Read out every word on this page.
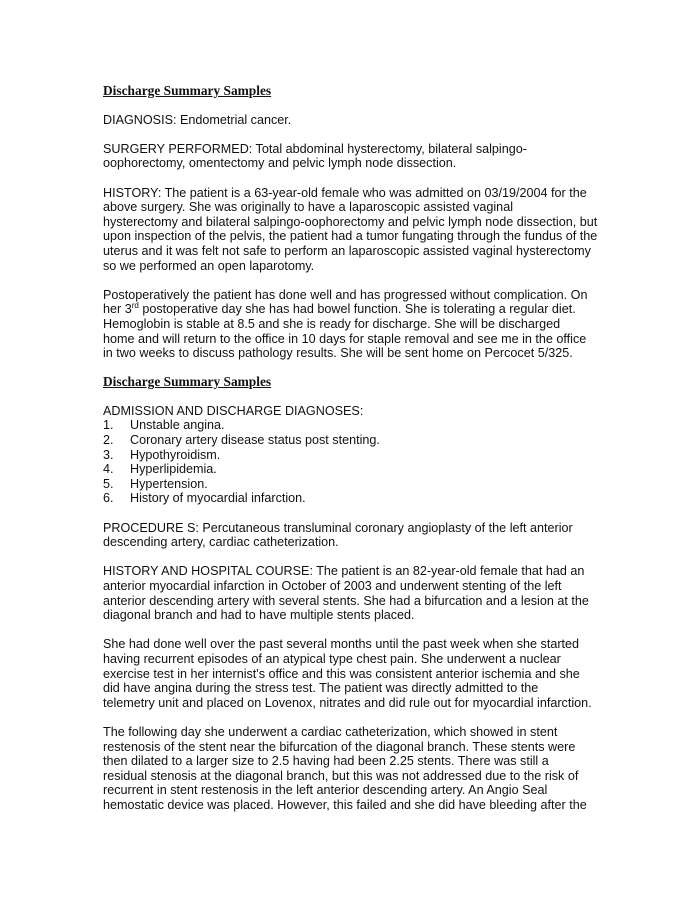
Discharge Summary Samples

DIAGNOSIS: Endometrial cancer.

SURGERY PERFORMED: Total abdominal hysterectomy, bilateral salpingo-
oophorectomy, omentectomy and pelvic lymph node dissection.

HISTORY: The patient is a 63-year-old female who was admitted on 03/19/2004 for the
above surgery. She was originally to have a laparoscopic assisted vaginal
hysterectomy and bilateral salpingo-oophorectomy and pelvic lymph node dissection, but
upon inspection of the pelvis, the patient had a tumor fungating through the fundus of the
uterus and it was felt not safe to perform an laparoscopic assisted vaginal hysterectomy
so we performed an open laparotomy.

Postoperatively the patient has done well and has progressed without complication. On
her 3rd postoperative day she has had bowel function. She is tolerating a regular diet.
Hemoglobin is stable at 8.5 and she is ready for discharge. She will be discharged
home and will return to the office in 10 days for staple removal and see me in the office
in two weeks to discuss pathology results. She will be sent home on Percocet 5/325.

Discharge Summary Samples
ADMISSION AND DISCHARGE DIAGNOSES:
1.	Unstable angina.
2.	Coronary artery disease status post stenting.
3.	Hypothyroidism.
4.	Hyperlipidemia.
5.	Hypertension.
6.	History of myocardial infarction.

PROCEDURE S: Percutaneous transluminal coronary angioplasty of the left anterior
descending artery, cardiac catheterization.

HISTORY AND HOSPITAL COURSE: The patient is an 82-year-old female that had an
anterior myocardial infarction in October of 2003 and underwent stenting of the left
anterior descending artery with several stents. She had a bifurcation and a lesion at the
diagonal branch and had to have multiple stents placed.

She had done well over the past several months until the past week when she started
having recurrent episodes of an atypical type chest pain. She underwent a nuclear
exercise test in her internist's office and this was consistent anterior ischemia and she
did have angina during the stress test. The patient was directly admitted to the
telemetry unit and placed on Lovenox, nitrates and did rule out for myocardial infarction.

The following day she underwent a cardiac catheterization, which showed in stent
restenosis of the stent near the bifurcation of the diagonal branch. These stents were
then dilated to a larger size to 2.5 having had been 2.25 stents. There was still a
residual stenosis at the diagonal branch, but this was not addressed due to the risk of
recurrent in stent restenosis in the left anterior descending artery. An Angio Seal
hemostatic device was placed. However, this failed and she did have bleeding after the
